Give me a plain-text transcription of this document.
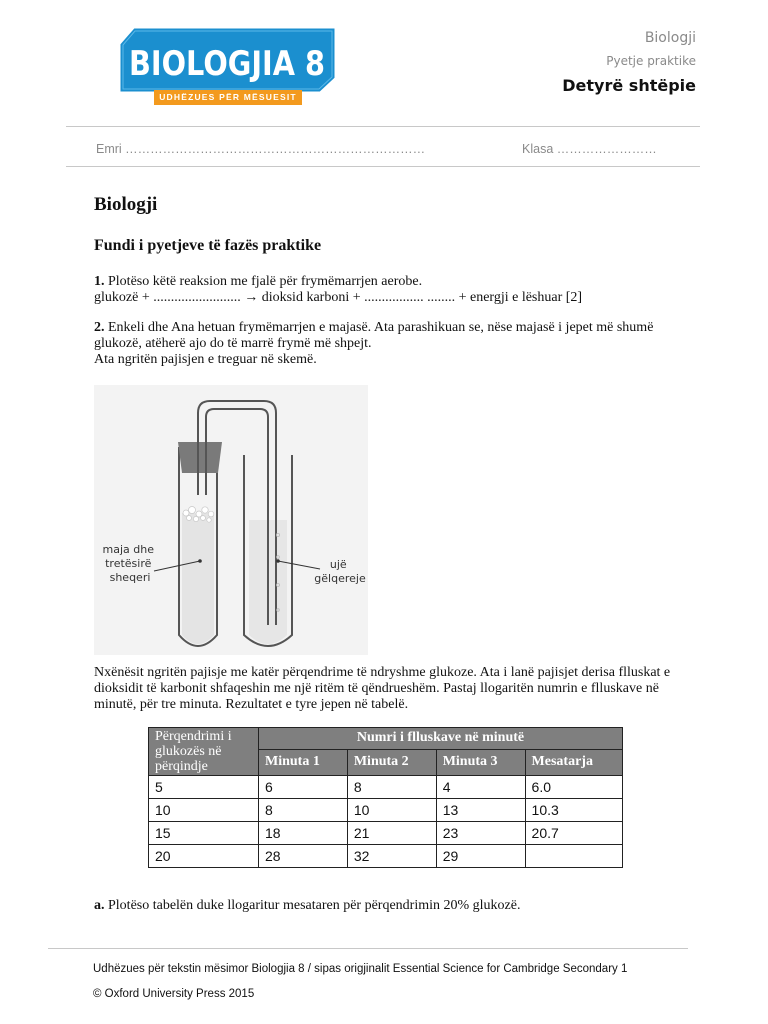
BIOLOGJIA 8
UDHËZUES PËR MËSUESIT
Biologji
Pyetje praktike
Detyrë shtëpie
Emri ………………………………………………………………	Klasa ……………………
Biologji
Fundi i pyetjeve të fazës praktike

1. Plotëso këtë reaksion me fjalë për frymëmarrjen aerobe.
glukozë + ......................... → dioksid karboni + ................. ........ + energji e lëshuar [2]

2. Enkeli dhe Ana hetuan frymëmarrjen e majasë. Ata parashikuan se, nëse majasë i jepet më shumë glukozë, atëherë ajo do të marrë frymë më shpejt.
Ata ngritën pajisjen e treguar në skemë.

maja dhe tretësirë sheqeri
ujë gëlqereje

Nxënësit ngritën pajisje me katër përqendrime të ndryshme glukoze. Ata i lanë pajisjet derisa flluskat e dioksidit të karbonit shfaqeshin me një ritëm të qëndrueshëm. Pastaj llogaritën numrin e flluskave në minutë, për tre minuta. Rezultatet e tyre jepen në tabelë.

Përqendrimi i glukozës në përqindje	Numri i flluskave në minutë			
	Minuta 1	Minuta 2	Minuta 3	Mesatarja
5	6	8	4	6.0
10	8	10	13	10.3
15	18	21	23	20.7
20	28	32	29	

a. Plotëso tabelën duke llogaritur mesataren për përqendrimin 20% glukozë.

Udhëzues për tekstin mësimor Biologjia 8 / sipas origjinalit Essential Science for Cambridge Secondary 1
© Oxford University Press 2015
